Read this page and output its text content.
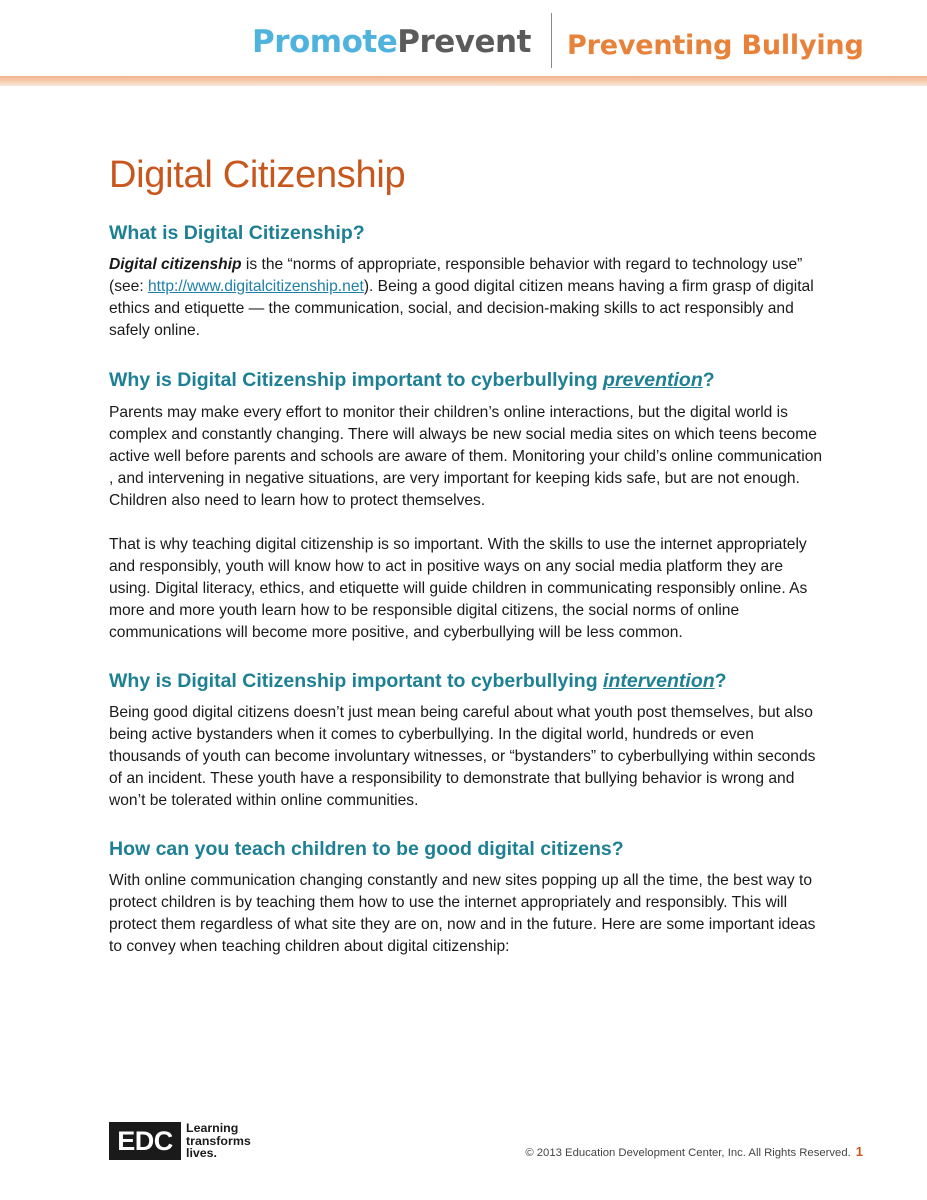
PromotePrevent Preventing Bullying
Digital Citizenship
What is Digital Citizenship?

Digital citizenship is the “norms of appropriate, responsible behavior with regard to technology use” (see: http://www.digitalcitizenship.net). Being a good digital citizen means having a firm grasp of digital ethics and etiquette — the communication, social, and decision-making skills to act responsibly and safely online.

Why is Digital Citizenship important to cyberbullying prevention?

Parents may make every effort to monitor their children’s online interactions, but the digital world is complex and constantly changing. There will always be new social media sites on which teens become active well before parents and schools are aware of them. Monitoring your child’s online communication , and intervening in negative situations, are very important for keeping kids safe, but are not enough. Children also need to learn how to protect themselves.

That is why teaching digital citizenship is so important. With the skills to use the internet appropriately and responsibly, youth will know how to act in positive ways on any social media platform they are using. Digital literacy, ethics, and etiquette will guide children in communicating responsibly online. As more and more youth learn how to be responsible digital citizens, the social norms of online communications will become more positive, and cyberbullying will be less common.

Why is Digital Citizenship important to cyberbullying intervention?

Being good digital citizens doesn’t just mean being careful about what youth post themselves, but also being active bystanders when it comes to cyberbullying. In the digital world, hundreds or even thousands of youth can become involuntary witnesses, or “bystanders” to cyberbullying within seconds of an incident. These youth have a responsibility to demonstrate that bullying behavior is wrong and won’t be tolerated within online communities.

How can you teach children to be good digital citizens?

With online communication changing constantly and new sites popping up all the time, the best way to protect children is by teaching them how to use the internet appropriately and responsibly. This will protect them regardless of what site they are on, now and in the future. Here are some important ideas to convey when teaching children about digital citizenship:

EDC	Learning
transforms
lives.	© 2013 Education Development Center, Inc. All Rights Reserved. 1
